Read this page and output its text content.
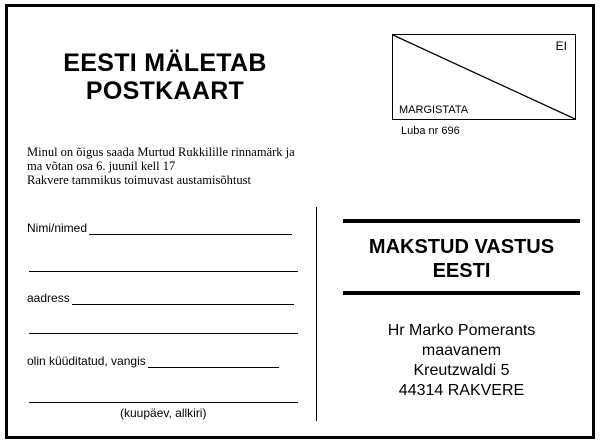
EESTI MÄLETAB
POSTKAART
EI
MARGISTATA
Luba nr 696
Minul on õigus saada Murtud Rukkilille rinnamärk ja
ma võtan osa 6. juunil kell 17
Rakvere tammikus toimuvast austamisõhtust
Nimi/nimed
aadress
olin küüditatud, vangis
(kuupäev, allkiri)
MAKSTUD VASTUS
EESTI
Hr Marko Pomerants
maavanem
Kreutzwaldi 5
44314 RAKVERE
